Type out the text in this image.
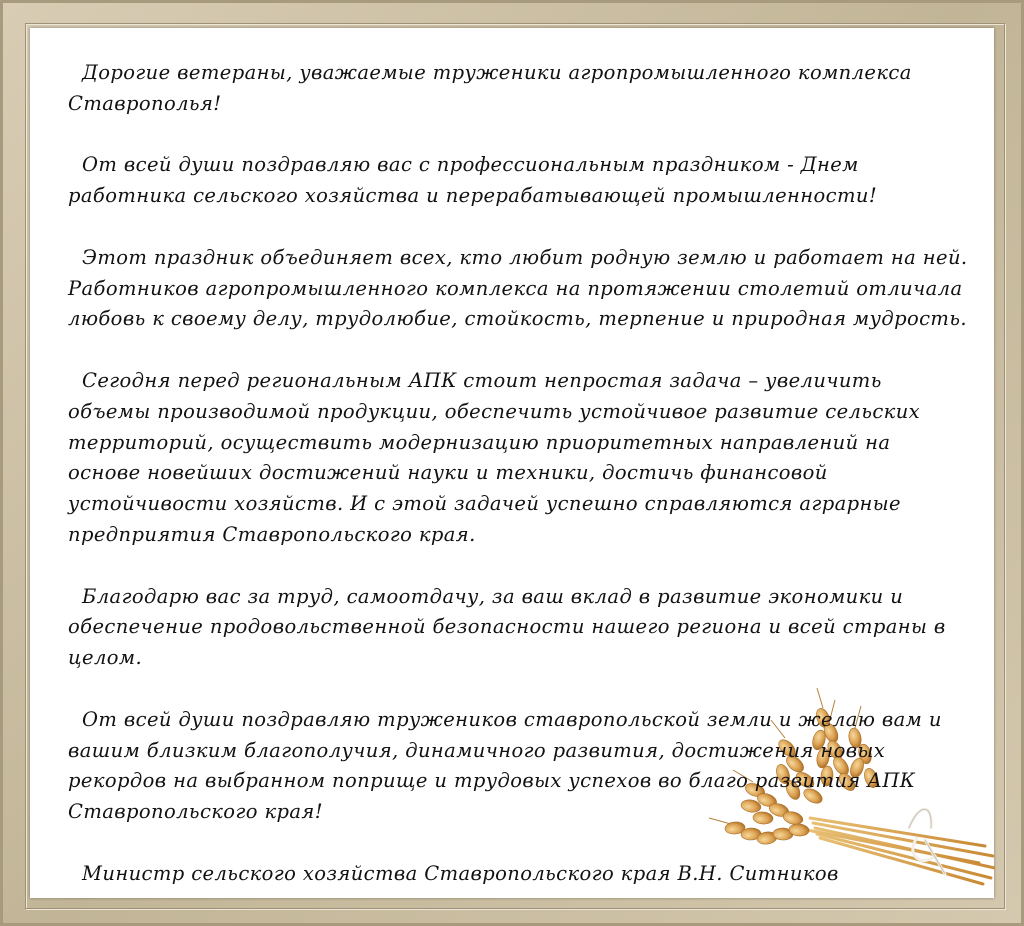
Дорогие ветераны, уважаемые труженики агропромышленного комплекса Ставрополья!

От всей души поздравляю вас с профессиональным праздником - Днем работника сельского хозяйства и перерабатывающей промышленности!

Этот праздник объединяет всех, кто любит родную землю и работает на ней. Работников агропромышленного комплекса на протяжении столетий отличала любовь к своему делу, трудолюбие, стойкость, терпение и природная мудрость.

Сегодня перед региональным АПК стоит непростая задача – увеличить объемы производимой продукции, обеспечить устойчивое развитие сельских территорий, осуществить модернизацию приоритетных направлений на основе новейших достижений науки и техники, достичь финансовой устойчивости хозяйств. И с этой задачей успешно справляются аграрные предприятия Ставропольского края.

Благодарю вас за труд, самоотдачу, за ваш вклад в развитие экономики и обеспечение продовольственной безопасности нашего региона и всей страны в целом.

От всей души поздравляю тружеников ставропольской земли и желаю вам и вашим близким благополучия, динамичного развития, достижения новых рекордов на выбранном поприще и трудовых успехов во благо развития АПК Ставропольского края!

Министр сельского хозяйства Ставропольского края В.Н. Ситников
